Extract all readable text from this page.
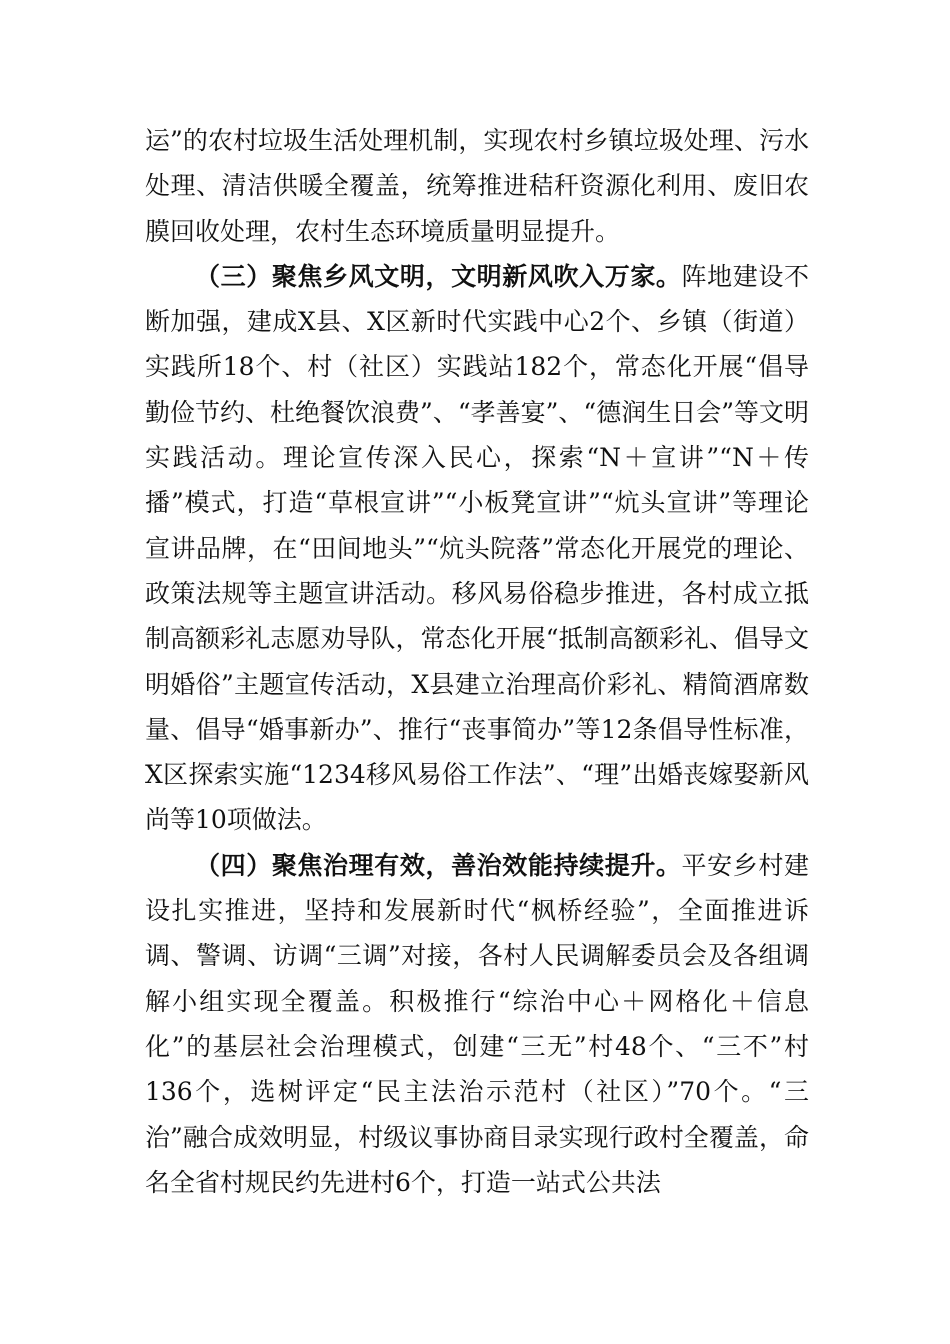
运”的农村垃圾生活处理机制，实现农村乡镇垃圾处理、污水处理、清洁供暖全覆盖，统筹推进秸秆资源化利用、废旧农膜回收处理，农村生态环境质量明显提升。

（三）聚焦乡风文明，文明新风吹入万家。阵地建设不断加强，建成X县、X区新时代实践中心2个、乡镇（街道）实践所18个、村（社区）实践站182个，常态化开展“倡导勤俭节约、杜绝餐饮浪费”、“孝善宴”、“德润生日会”等文明实践活动。理论宣传深入民心，探索“N＋宣讲”“N＋传播”模式，打造“草根宣讲”“小板凳宣讲”“炕头宣讲”等理论宣讲品牌，在“田间地头”“炕头院落”常态化开展党的理论、政策法规等主题宣讲活动。移风易俗稳步推进，各村成立抵制高额彩礼志愿劝导队，常态化开展“抵制高额彩礼、倡导文明婚俗”主题宣传活动，X县建立治理高价彩礼、精简酒席数量、倡导“婚事新办”、推行“丧事简办”等12条倡导性标准，X区探索实施“1234移风易俗工作法”、“理”出婚丧嫁娶新风尚等10项做法。

（四）聚焦治理有效，善治效能持续提升。平安乡村建设扎实推进，坚持和发展新时代“枫桥经验”，全面推进诉调、警调、访调“三调”对接，各村人民调解委员会及各组调解小组实现全覆盖。积极推行“综治中心＋网格化＋信息化”的基层社会治理模式，创建“三无”村48个、“三不”村136个，选树评定“民主法治示范村（社区）”70个。“三治”融合成效明显，村级议事协商目录实现行政村全覆盖，命名全省村规民约先进村6个，打造一站式公共法
